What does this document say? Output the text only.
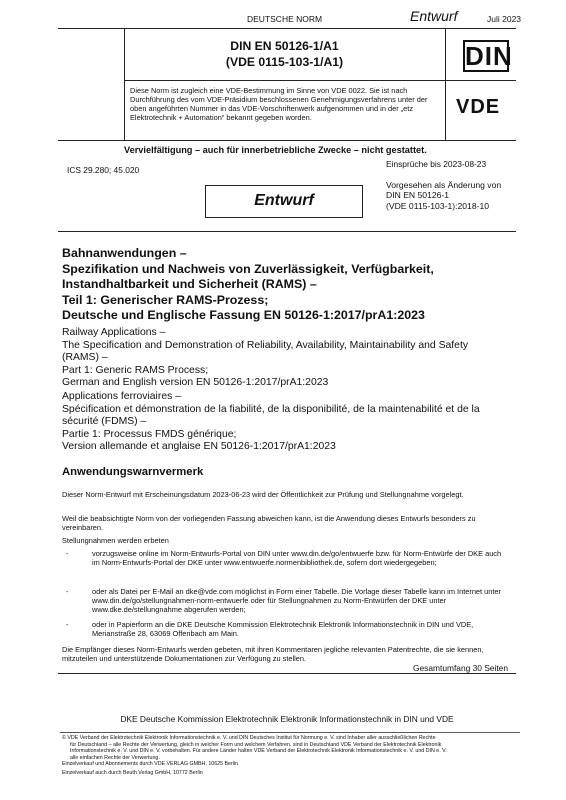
DEUTSCHE NORM	Entwurf	Juli 2023
DIN EN 50126-1/A1
(VDE 0115-103-1/A1)	DIN
Diese Norm ist zugleich eine VDE-Bestimmung im Sinne von VDE 0022. Sie ist nach Durchführung des vom VDE-Präsidium beschlossenen Genehmigungsverfahrens unter der oben angeführten Nummer in das VDE-Vorschriftenwerk aufgenommen und in der „etz Elektrotechnik + Automation“ bekannt gegeben worden.	VDE
Vervielfältigung – auch für innerbetriebliche Zwecke – nicht gestattet.
Einsprüche bis 2023-08-23
ICS 29.280; 45.020
Entwurf
Vorgesehen als Änderung von
DIN EN 50126-1
(VDE 0115-103-1):2018-10
Bahnanwendungen –
Spezifikation und Nachweis von Zuverlässigkeit, Verfügbarkeit,
Instandhaltbarkeit und Sicherheit (RAMS) –
Teil 1: Generischer RAMS-Prozess;
Deutsche und Englische Fassung EN 50126-1:2017/prA1:2023
Railway Applications –
The Specification and Demonstration of Reliability, Availability, Maintainability and Safety
(RAMS) –
Part 1: Generic RAMS Process;
German and English version EN 50126-1:2017/prA1:2023
Applications ferroviaires –
Spécification et démonstration de la fiabilité, de la disponibilité, de la maintenabilité et de la
sécurité (FDMS) –
Partie 1: Processus FMDS générique;
Version allemande et anglaise EN 50126-1:2017/prA1:2023
Anwendungswarnvermerk
Dieser Norm-Entwurf mit Erscheinungsdatum 2023-06-23 wird der Öffentlichkeit zur Prüfung und Stellungnahme vorgelegt.
Weil die beabsichtigte Norm von der vorliegenden Fassung abweichen kann, ist die Anwendung dieses Entwurfs besonders zu vereinbaren.
Stellungnahmen werden erbeten
-	vorzugsweise online im Norm-Entwurfs-Portal von DIN unter www.din.de/go/entwuerfe bzw. für Norm-Entwürfe der DKE auch im Norm-Entwurfs-Portal der DKE unter www.entwuerfe.normenbibliothek.de, sofern dort wiedergegeben;
-	oder als Datei per E-Mail an dke@vde.com möglichst in Form einer Tabelle. Die Vorlage dieser Tabelle kann im Internet unter www.din.de/go/stellungnahmen-norm-entwuerfe oder für Stellungnahmen zu Norm-Entwürfen der DKE unter www.dke.de/stellungnahme abgerufen werden;
-	oder in Papierform an die DKE Deutsche Kommission Elektrotechnik Elektronik Informationstechnik in DIN und VDE, Merianstraße 28, 63069 Offenbach am Main.
Die Empfänger dieses Norm-Entwurfs werden gebeten, mit ihren Kommentaren jegliche relevanten Patentrechte, die sie kennen, mitzuteilen und unterstützende Dokumentationen zur Verfügung zu stellen.
Gesamtumfang 30 Seiten
DKE Deutsche Kommission Elektrotechnik Elektronik Informationstechnik in DIN und VDE
© VDE Verband der Elektrotechnik Elektronik Informationstechnik e. V. und DIN Deutsches Institut für Normung e. V. sind Inhaber aller ausschließlichen Rechte
für Deutschland – alle Rechte der Verwertung, gleich in welcher Form und welchem Verfahren, sind in Deutschland VDE Verband der Elektrotechnik Elektronik
Informationstechnik e. V. und DIN e. V. vorbehalten. Für andere Länder halten VDE Verband der Elektrotechnik Elektronik Informationstechnik e. V. und DIN e. V.
alle einfachen Rechte der Verwertung.
Einzelverkauf und Abonnements durch VDE VERLAG GMBH, 10625 Berlin
Einzelverkauf auch durch Beuth Verlag GmbH, 10772 Berlin
